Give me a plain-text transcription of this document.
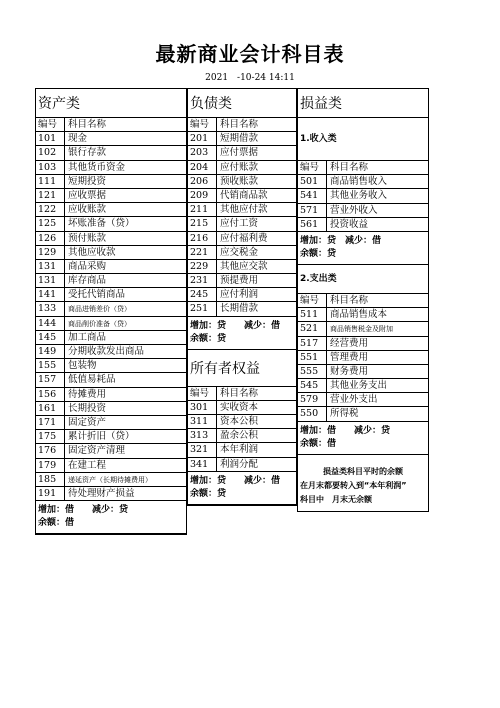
最新商业会计科目表
2021　-10-24 14:11
资产类
编号	科目名称
101	现金
102	银行存款
103	其他货币资金
111	短期投资
121	应收票据
122	应收账款
125	坏账准备（贷）
126	预付账款
129	其他应收款
131	商品采购
131	库存商品
141	受托代销商品
133	商品进销差价（贷）
144	商品削价准备（贷）
145	加工商品
149	分期收款发出商品
155	包装物
157	低值易耗品
156	待摊费用
161	长期投资
171	固定资产
175	累计折旧（贷）
176	固定资产清理
179	在建工程
185	递延资产（长期待摊费用）
191	待处理财产损益
增加：借　　减少：贷
余额：借
负债类
编号	科目名称
201	短期借款
203	应付票据
204	应付账款
206	预收账款
209	代销商品款
211	其他应付款
215	应付工资
216	应付福利费
221	应交税金
229	其他应交款
231	预提费用
245	应付利润
251	长期借款
增加：贷　　减少：借
余额：贷
所有者权益
编号	科目名称
301	实收资本
311	资本公积
313	盈余公积
321	本年利润
341	利润分配
增加：贷　　减少：借
余额：贷
损益类
1.收入类
编号	科目名称
501	商品销售收入
541	其他业务收入
571	营业外收入
561	投资收益
增加：贷　减少：借
余额：贷
2.支出类
编号	科目名称
511	商品销售成本
521	商品销售税金及附加
517	经营费用
551	管理费用
555	财务费用
545	其他业务支出
579	营业外支出
550	所得税
增加：借　　减少：贷
余额：借
损益类科目平时的余额
在月末都要转入到“本年利润”
科目中　月末无余额
